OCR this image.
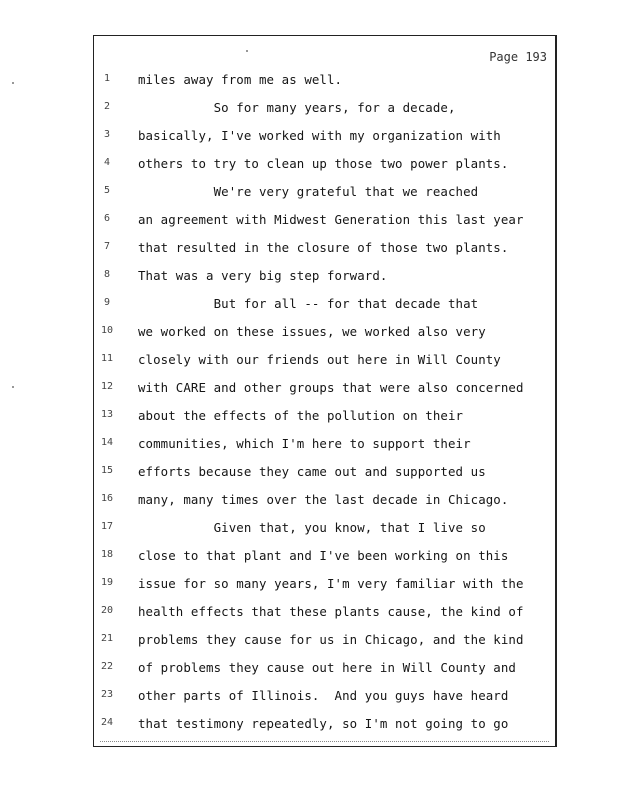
Page 193
1	miles away from me as well.
2	So for many years, for a decade,
3	basically, I've worked with my organization with
4	others to try to clean up those two power plants.
5	We're very grateful that we reached
6	an agreement with Midwest Generation this last year
7	that resulted in the closure of those two plants.
8	That was a very big step forward.
9	But for all -- for that decade that
10	we worked on these issues, we worked also very
11	closely with our friends out here in Will County
12	with CARE and other groups that were also concerned
13	about the effects of the pollution on their
14	communities, which I'm here to support their
15	efforts because they came out and supported us
16	many, many times over the last decade in Chicago.
17	Given that, you know, that I live so
18	close to that plant and I've been working on this
19	issue for so many years, I'm very familiar with the
20	health effects that these plants cause, the kind of
21	problems they cause for us in Chicago, and the kind
22	of problems they cause out here in Will County and
23	other parts of Illinois.  And you guys have heard
24	that testimony repeatedly, so I'm not going to go
